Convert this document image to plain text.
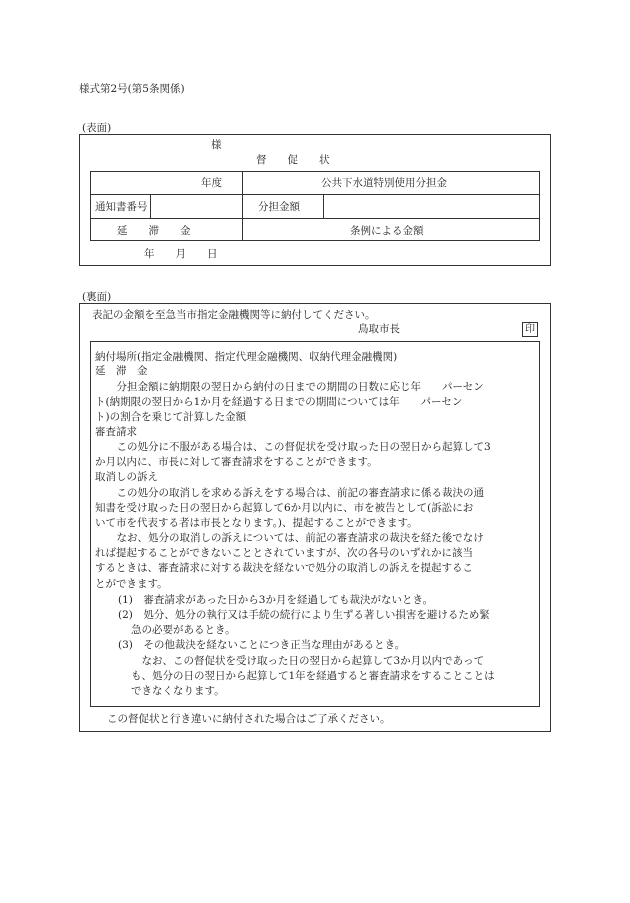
様式第2号(第5条関係)
(表面)
様
督　　促　　状
年度	公共下水道特別使用分担金
通知書番号	分担金額
延　　滞　　金	条例による金額
年　　月　　日
(裏面)
表記の金額を至急当市指定金融機関等に納付してください。
鳥取市長	印
納付場所(指定金融機関、指定代理金融機関、収納代理金融機関)
延　滞　金
　分担金額に納期限の翌日から納付の日までの期間の日数に応じ年　　パーセン
ト(納期限の翌日から1か月を経過する日までの期間については年　　パーセン
ト)の割合を乗じて計算した金額
審査請求
　この処分に不服がある場合は、この督促状を受け取った日の翌日から起算して3
か月以内に、市長に対して審査請求をすることができます。
取消しの訴え
　この処分の取消しを求める訴えをする場合は、前記の審査請求に係る裁決の通
知書を受け取った日の翌日から起算して6か月以内に、市を被告として(訴訟にお
いて市を代表する者は市長となります。)、提起することができます。
　なお、処分の取消しの訴えについては、前記の審査請求の裁決を経た後でなけ
れば提起することができないこととされていますが、次の各号のいずれかに該当
するときは、審査請求に対する裁決を経ないで処分の取消しの訴えを提起するこ
とができます。
(1)　審査請求があった日から3か月を経過しても裁決がないとき。
(2)　処分、処分の執行又は手続の続行により生ずる著しい損害を避けるため緊
急の必要があるとき。
(3)　その他裁決を経ないことにつき正当な理由があるとき。
　なお、この督促状を受け取った日の翌日から起算して3か月以内であって
も、処分の日の翌日から起算して1年を経過すると審査請求をすることことは
できなくなります。
この督促状と行き違いに納付された場合はご了承ください。
